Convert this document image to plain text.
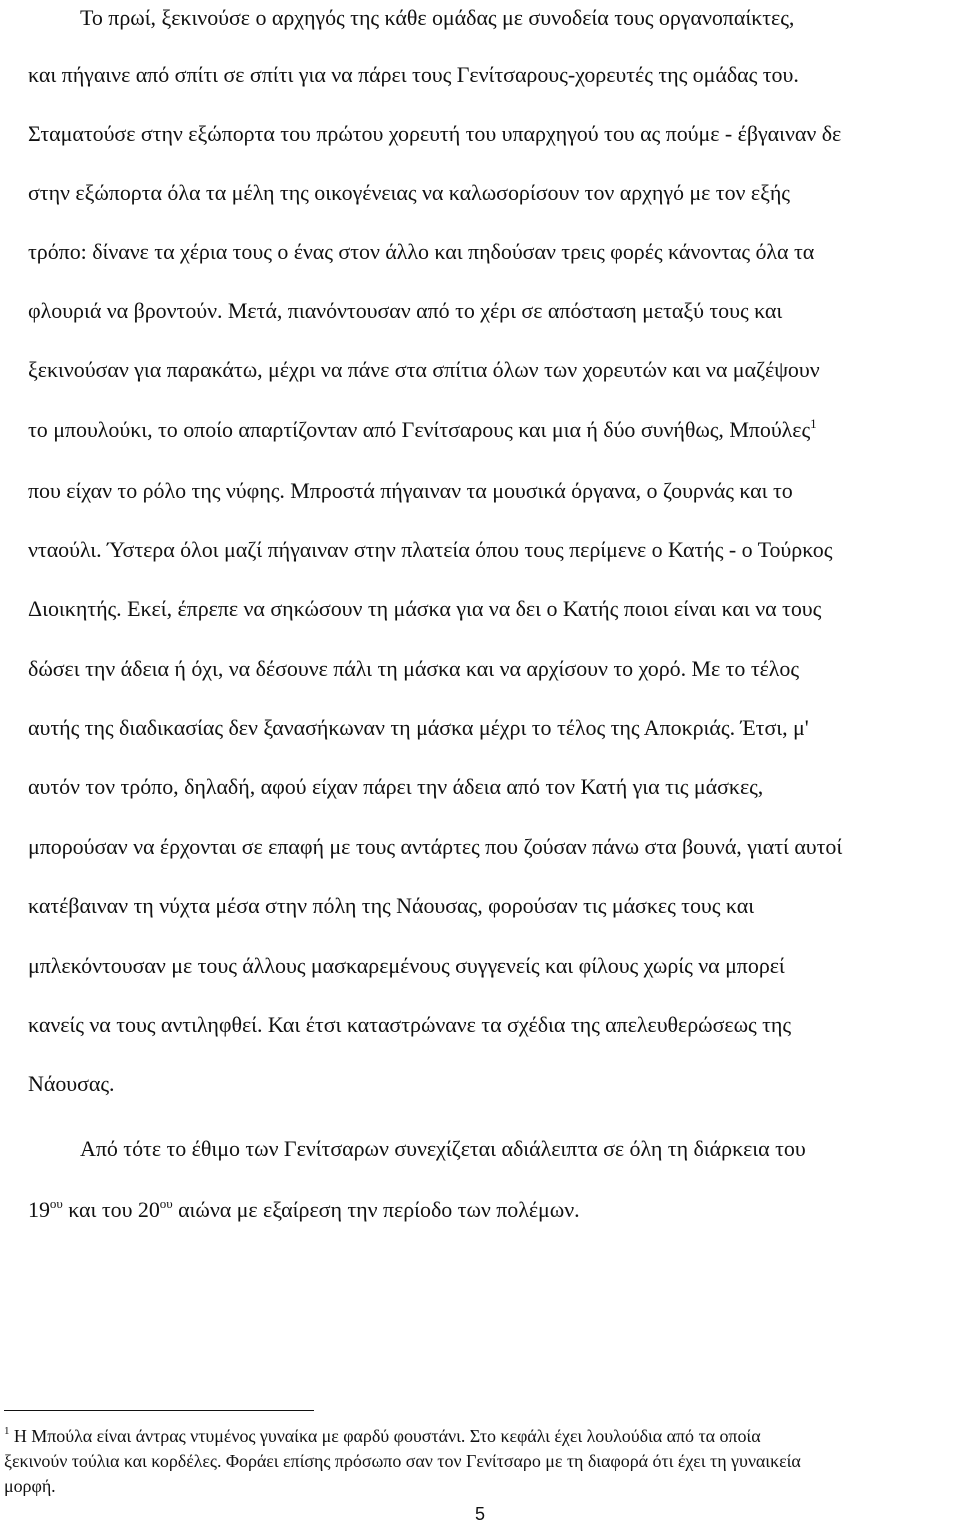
Το πρωί, ξεκινούσε ο αρχηγός της κάθε ομάδας με συνοδεία τους οργανοπαίκτες,
και πήγαινε από σπίτι σε σπίτι για να πάρει τους Γενίτσαρους-χορευτές της ομάδας του.
Σταματούσε στην εξώπορτα του πρώτου χορευτή του υπαρχηγού του ας πούμε - έβγαιναν δε
στην εξώπορτα όλα τα μέλη της οικογένειας να καλωσορίσουν τον αρχηγό με τον εξής
τρόπο: δίνανε τα χέρια τους ο ένας στον άλλο και πηδούσαν τρεις φορές κάνοντας όλα τα
φλουριά να βροντούν. Μετά, πιανόντουσαν από το χέρι σε απόσταση μεταξύ τους και
ξεκινούσαν για παρακάτω, μέχρι να πάνε στα σπίτια όλων των χορευτών και να μαζέψουν
το μπουλούκι, το οποίο απαρτίζονταν από Γενίτσαρους και μια ή δύο συνήθως, Μπούλες$^1$
που είχαν το ρόλο της νύφης. Μπροστά πήγαιναν τα μουσικά όργανα, ο ζουρνάς και το
νταούλι. Ύστερα όλοι μαζί πήγαιναν στην πλατεία όπου τους περίμενε ο Κατής - ο Τούρκος
Διοικητής. Εκεί, έπρεπε να σηκώσουν τη μάσκα για να δει ο Κατής ποιοι είναι και να τους
δώσει την άδεια ή όχι, να δέσουνε πάλι τη μάσκα και να αρχίσουν το χορό. Με το τέλος
αυτής της διαδικασίας δεν ξανασήκωναν τη μάσκα μέχρι το τέλος της Αποκριάς. Έτσι, μ'
αυτόν τον τρόπο, δηλαδή, αφού είχαν πάρει την άδεια από τον Κατή για τις μάσκες,
μπορούσαν να έρχονται σε επαφή με τους αντάρτες που ζούσαν πάνω στα βουνά, γιατί αυτοί
κατέβαιναν τη νύχτα μέσα στην πόλη της Νάουσας, φορούσαν τις μάσκες τους και
μπλεκόντουσαν με τους άλλους μασκαρεμένους συγγενείς και φίλους χωρίς να μπορεί
κανείς να τους αντιληφθεί. Και έτσι καταστρώνανε τα σχέδια της απελευθερώσεως της
Νάουσας.
Από τότε το έθιμο των Γενίτσαρων συνεχίζεται αδιάλειπτα σε όλη τη διάρκεια του
$19^{o\upsilon}$ και του $20^{o\upsilon}$ αιώνα με εξαίρεση την περίοδο των πολέμων.
$^1$ Η Μπούλα είναι άντρας ντυμένος γυναίκα με φαρδύ φουστάνι. Στο κεφάλι έχει λουλούδια από τα οποία
ξεκινούν τούλια και κορδέλες. Φοράει επίσης πρόσωπο σαν τον Γενίτσαρο με τη διαφορά ότι έχει τη γυναικεία
μορφή.
5
